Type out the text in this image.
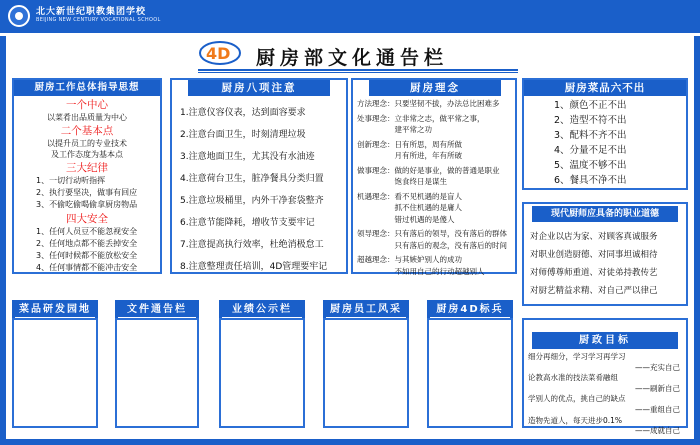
北大新世纪职教集团学校
BEIJING NEW CENTURY VOCATIONAL SCHOOL
4D 厨房部文化通告栏
厨房工作总体指导思想
一个中心
以菜肴出品质量为中心
二个基本点
以提升员工的专业技术
及工作态度为基本点
三大纪律
1、一切行动听指挥
2、执行要坚决，做事有回应
3、不偷吃偷喝偷拿厨房物品
四大安全
1、任何人员豆不能忽视安全
2、任何地点都不能丢掉安全
3、任何时候都不能放松安全
4、任何事情都不能冲击安全
厨房八项注意
1.注意仪容仪表，达到面容要求
2.注意台面卫生，时刻清理垃圾
3.注意地面卫生，尤其没有水油迹
4.注意荷台卫生，脏净餐具分类归置
5.注意垃圾桶里，内外干净套袋整齐
6.注意节能降耗，增收节支要牢记
7.注意提高执行效率，杜绝消极怠工
8.注意整理责任培训，4D管理要牢记
厨房理念
方法理念：只要坚韧不拔，办法总比困难多
处事理念：立非常之志，做平常之事，
　　　　　建平常之功
创新理念：日有所思，周有所做
　　　　　月有所进，年有所破
做事理念：做的好是事业，做的普通是职业
　　　　　饱食终日是谋生
机遇理念：看不见机遇的是盲人
　　　　　抓不住机遇的是庸人
　　　　　错过机遇的是傻人
领导理念：只有落后的领导，没有落后的群体
　　　　　只有落后的观念，没有落后的时间
超越理念：与其嫉妒别人的成功
　　　　　不如用自己的行动超越别人
厨房菜品六不出
1、颜色不正不出
2、造型不符不出
3、配料不齐不出
4、分量不足不出
5、温度不够不出
6、餐具不净不出
现代厨师应具备的职业道德
对企业以店为家、对顾客真诚服务
对职业创造厨德、对同事坦诚相待
对师傅尊师重道、对徒弟持教传艺
对厨艺精益求精、对自己严以律己
菜品研发园地	文件通告栏	业绩公示栏	厨房员工风采	厨房4D标兵
厨政目标
细分再细分，学习学习再学习
——充实自己
论教高水准的技法菜肴融组
——刷新自己
学别人的优点，挑自己的缺点
——重组自己
造物先道人，每天进步0.1%
——成就自己
